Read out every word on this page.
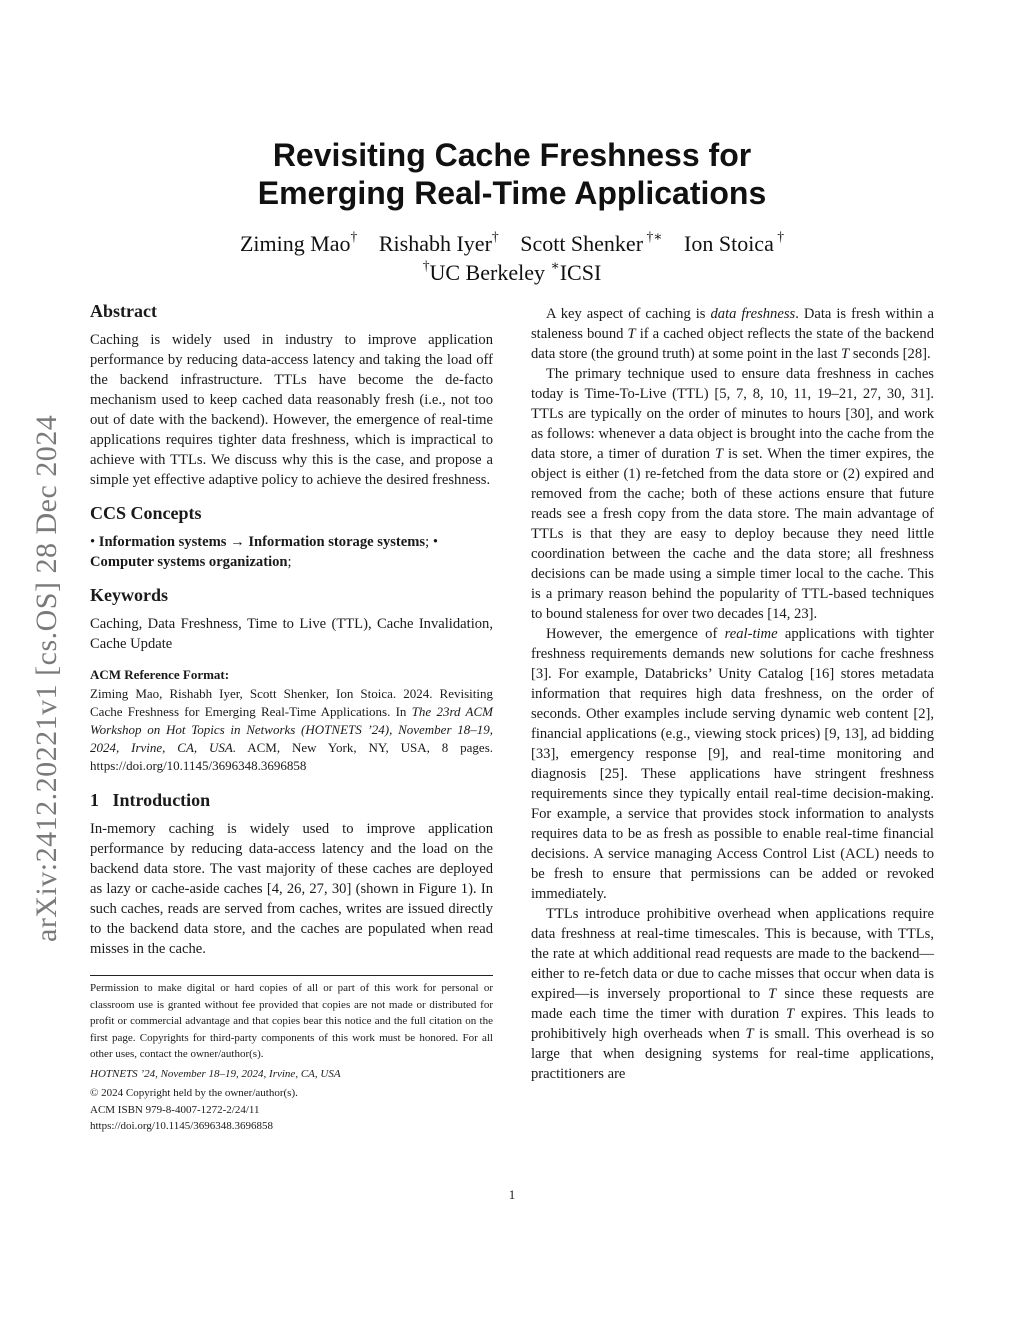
arXiv:2412.20221v1 [cs.OS] 28 Dec 2024
Revisiting Cache Freshness for
Emerging Real-Time Applications
Ziming Mao† Rishabh Iyer† Scott Shenker †∗ Ion Stoica †
†UC Berkeley ∗ICSI
Abstract

Caching is widely used in industry to improve application performance by reducing data-access latency and taking the load off the backend infrastructure. TTLs have become the de-facto mechanism used to keep cached data reasonably fresh (i.e., not too out of date with the backend). However, the emergence of real-time applications requires tighter data freshness, which is impractical to achieve with TTLs. We discuss why this is the case, and propose a simple yet effective adaptive policy to achieve the desired freshness.

CCS Concepts

• Information systems → Information storage systems; • Computer systems organization;

Keywords

Caching, Data Freshness, Time to Live (TTL), Cache Invalidation, Cache Update

ACM Reference Format:

Ziming Mao, Rishabh Iyer, Scott Shenker, Ion Stoica. 2024. Revisiting Cache Freshness for Emerging Real-Time Applications. In The 23rd ACM Workshop on Hot Topics in Networks (HOTNETS ’24), November 18–19, 2024, Irvine, CA, USA. ACM, New York, NY, USA, 8 pages. https://doi.org/10.1145/3696348.3696858

1   Introduction

In-memory caching is widely used to improve application performance by reducing data-access latency and the load on the backend data store. The vast majority of these caches are deployed as lazy or cache-aside caches [4, 26, 27, 30] (shown in Figure 1). In such caches, reads are served from caches, writes are issued directly to the backend data store, and the caches are populated when read misses in the cache.

Permission to make digital or hard copies of all or part of this work for personal or classroom use is granted without fee provided that copies are not made or distributed for profit or commercial advantage and that copies bear this notice and the full citation on the first page. Copyrights for third-party components of this work must be honored. For all other uses, contact the owner/author(s).

HOTNETS ’24, November 18–19, 2024, Irvine, CA, USA

© 2024 Copyright held by the owner/author(s).

ACM ISBN 979-8-4007-1272-2/24/11

https://doi.org/10.1145/3696348.3696858

A key aspect of caching is data freshness. Data is fresh within a staleness bound T if a cached object reflects the state of the backend data store (the ground truth) at some point in the last T seconds [28].

The primary technique used to ensure data freshness in caches today is Time-To-Live (TTL) [5, 7, 8, 10, 11, 19–21, 27, 30, 31]. TTLs are typically on the order of minutes to hours [30], and work as follows: whenever a data object is brought into the cache from the data store, a timer of duration T is set. When the timer expires, the object is either (1) re-fetched from the data store or (2) expired and removed from the cache; both of these actions ensure that future reads see a fresh copy from the data store. The main advantage of TTLs is that they are easy to deploy because they need little coordination between the cache and the data store; all freshness decisions can be made using a simple timer local to the cache. This is a primary reason behind the popularity of TTL-based techniques to bound staleness for over two decades [14, 23].

However, the emergence of real-time applications with tighter freshness requirements demands new solutions for cache freshness [3]. For example, Databricks’ Unity Catalog [16] stores metadata information that requires high data freshness, on the order of seconds. Other examples include serving dynamic web content [2], financial applications (e.g., viewing stock prices) [9, 13], ad bidding [33], emergency response [9], and real-time monitoring and diagnosis [25]. These applications have stringent freshness requirements since they typically entail real-time decision-making. For example, a service that provides stock information to analysts requires data to be as fresh as possible to enable real-time financial decisions. A service managing Access Control List (ACL) needs to be fresh to ensure that permissions can be added or revoked immediately.

TTLs introduce prohibitive overhead when applications require data freshness at real-time timescales. This is because, with TTLs, the rate at which additional read requests are made to the backend—either to re-fetch data or due to cache misses that occur when data is expired—is inversely proportional to T since these requests are made each time the timer with duration T expires. This leads to prohibitively high overheads when T is small. This overhead is so large that when designing systems for real-time applications, practitioners are

1
